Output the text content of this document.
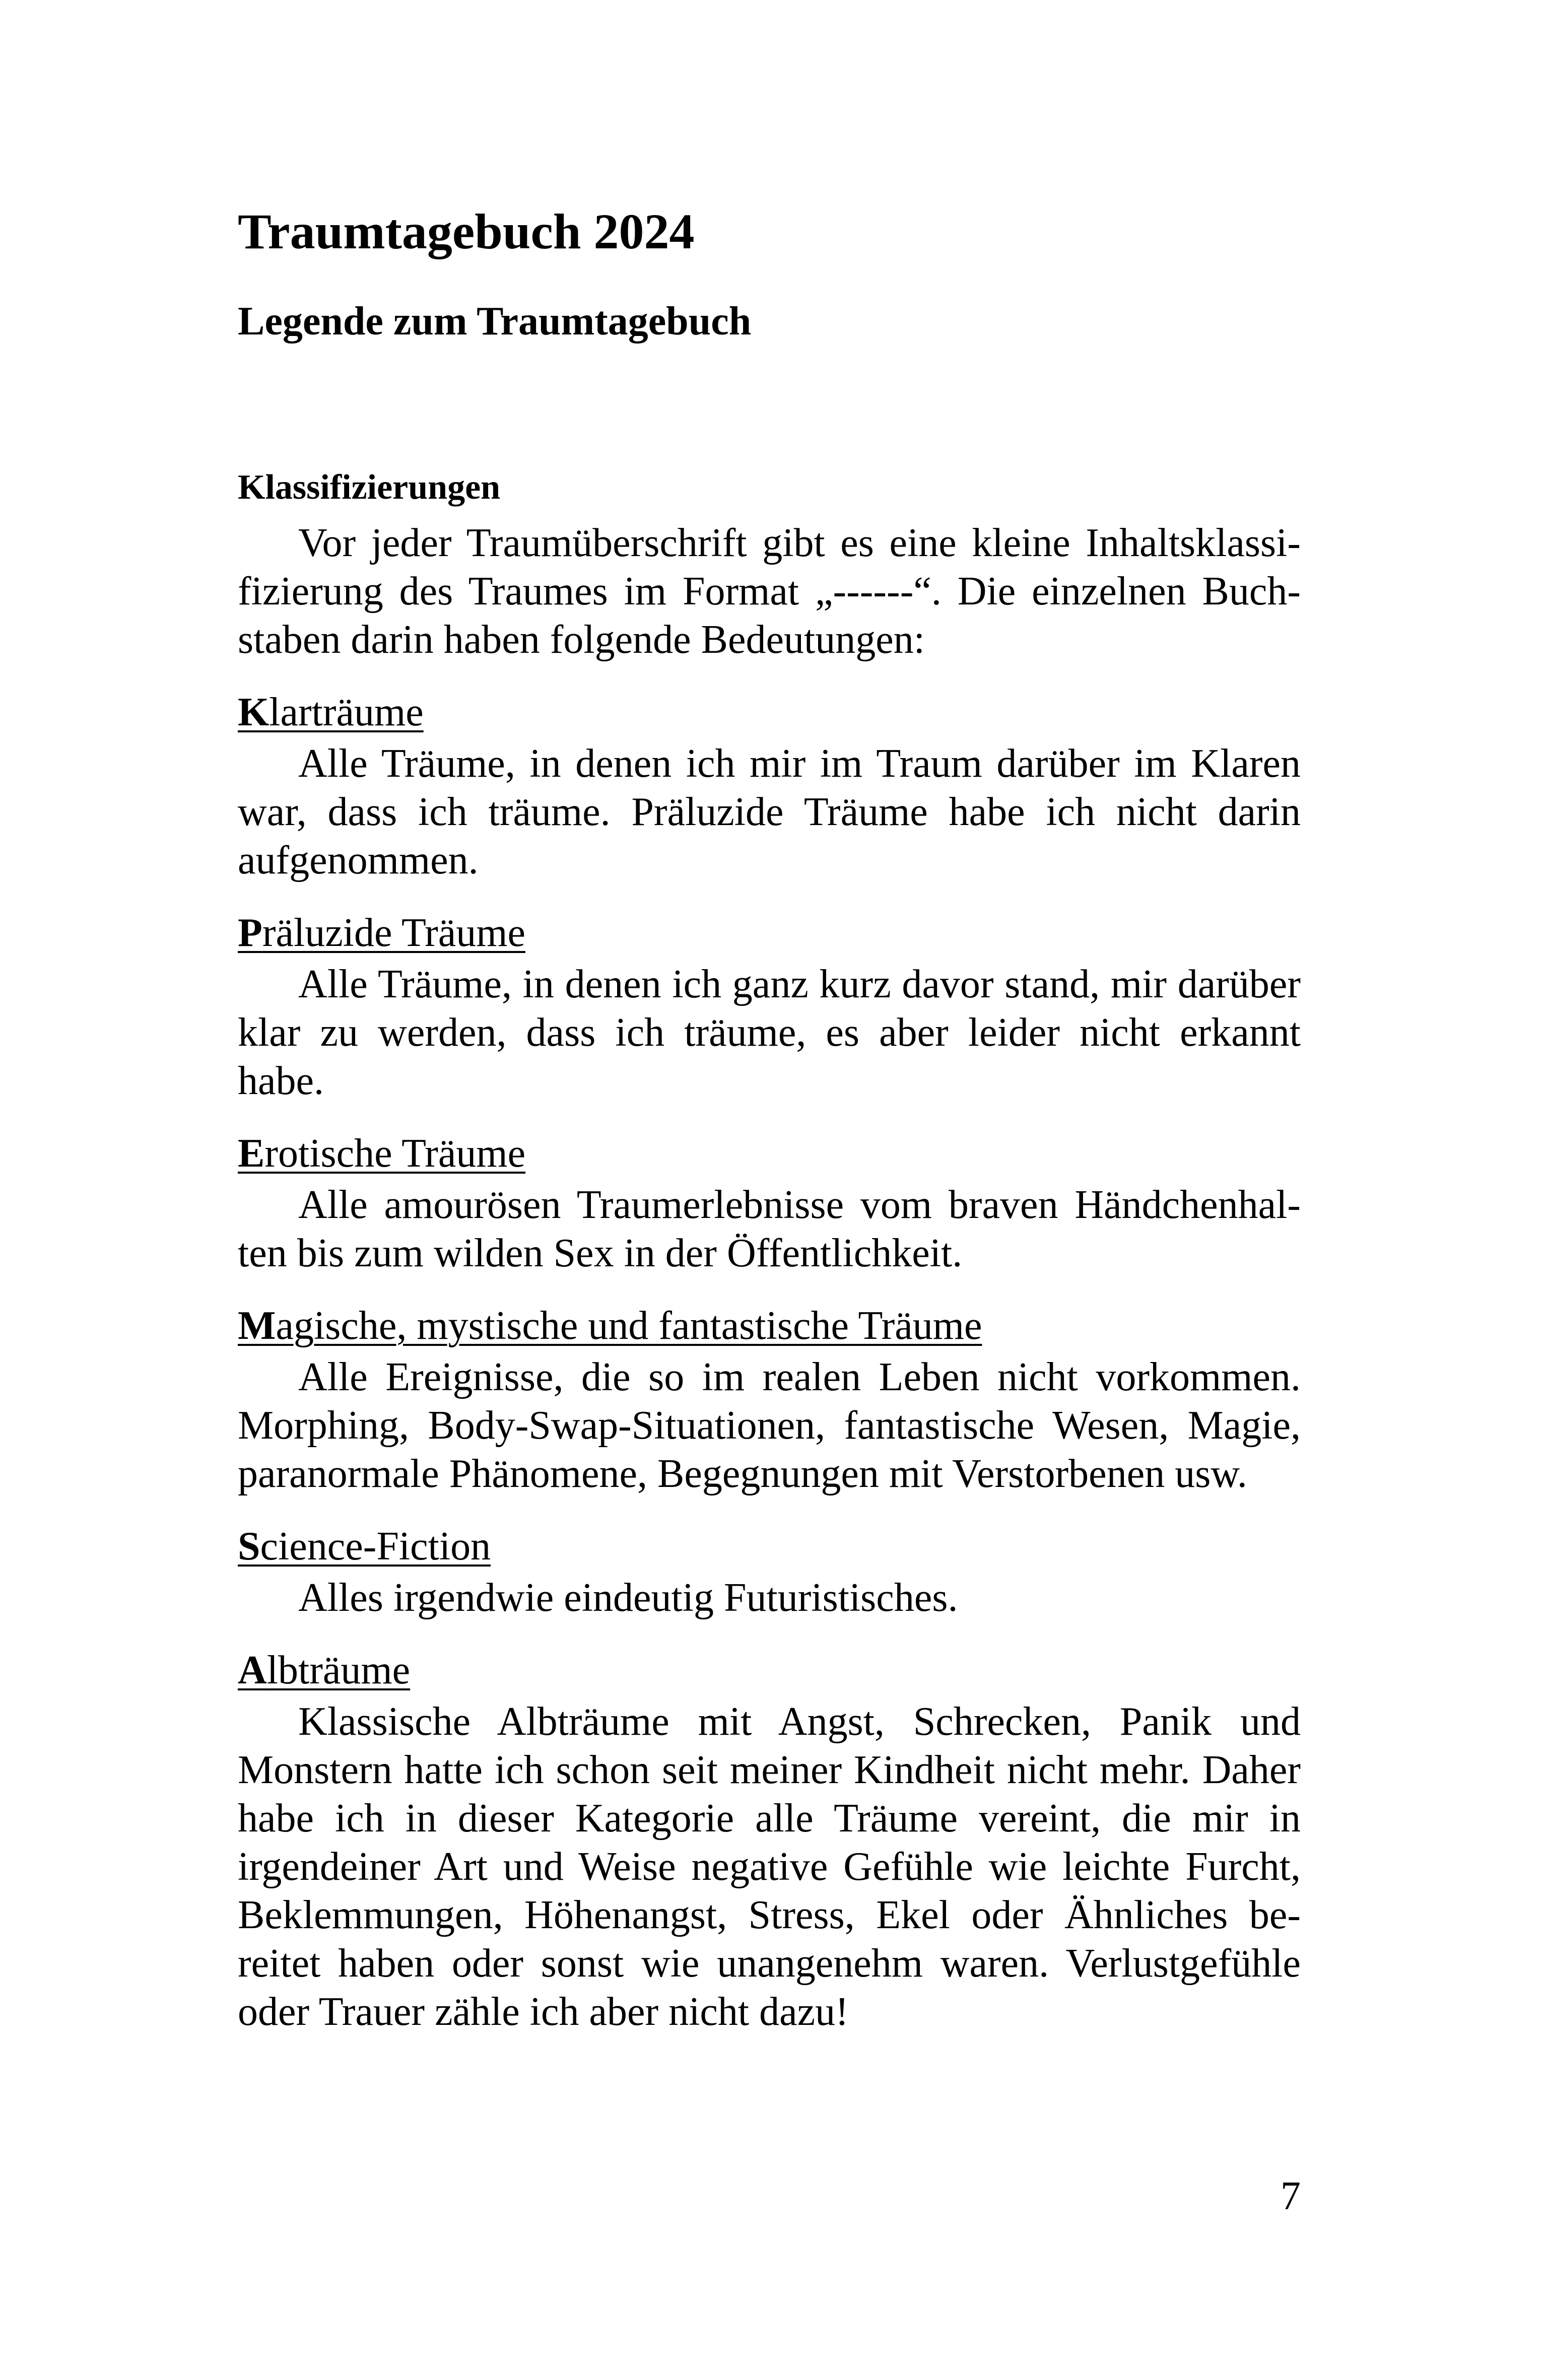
Traumtagebuch 2024
Legende zum Traumtagebuch
Klassifizierungen

Vor jeder Traumüberschrift gibt es eine kleine Inhaltsklassifizierung des Traumes im Format „------“. Die einzelnen Buchstaben darin haben folgende Bedeutungen:

Klarträume

Alle Träume, in denen ich mir im Traum darüber im Klaren war, dass ich träume. Präluzide Träume habe ich nicht darin aufgenommen.

Präluzide Träume

Alle Träume, in denen ich ganz kurz davor stand, mir darüber klar zu werden, dass ich träume, es aber leider nicht erkannt habe.

Erotische Träume

Alle amourösen Traumerlebnisse vom braven Händchenhalten bis zum wilden Sex in der Öffentlichkeit.

Magische, mystische und fantastische Träume

Alle Ereignisse, die so im realen Leben nicht vorkommen. Morphing, Body-Swap-Situationen, fantastische Wesen, Magie, paranormale Phänomene, Begegnungen mit Verstorbenen usw.

Science-Fiction

Alles irgendwie eindeutig Futuristisches.

Albträume

Klassische Albträume mit Angst, Schrecken, Panik und Monstern hatte ich schon seit meiner Kindheit nicht mehr. Daher habe ich in dieser Kategorie alle Träume vereint, die mir in irgendeiner Art und Weise negative Gefühle wie leichte Furcht, Beklemmungen, Höhenangst, Stress, Ekel oder Ähnliches bereitet haben oder sonst wie unangenehm waren. Verlustgefühle oder Trauer zähle ich aber nicht dazu!

7
